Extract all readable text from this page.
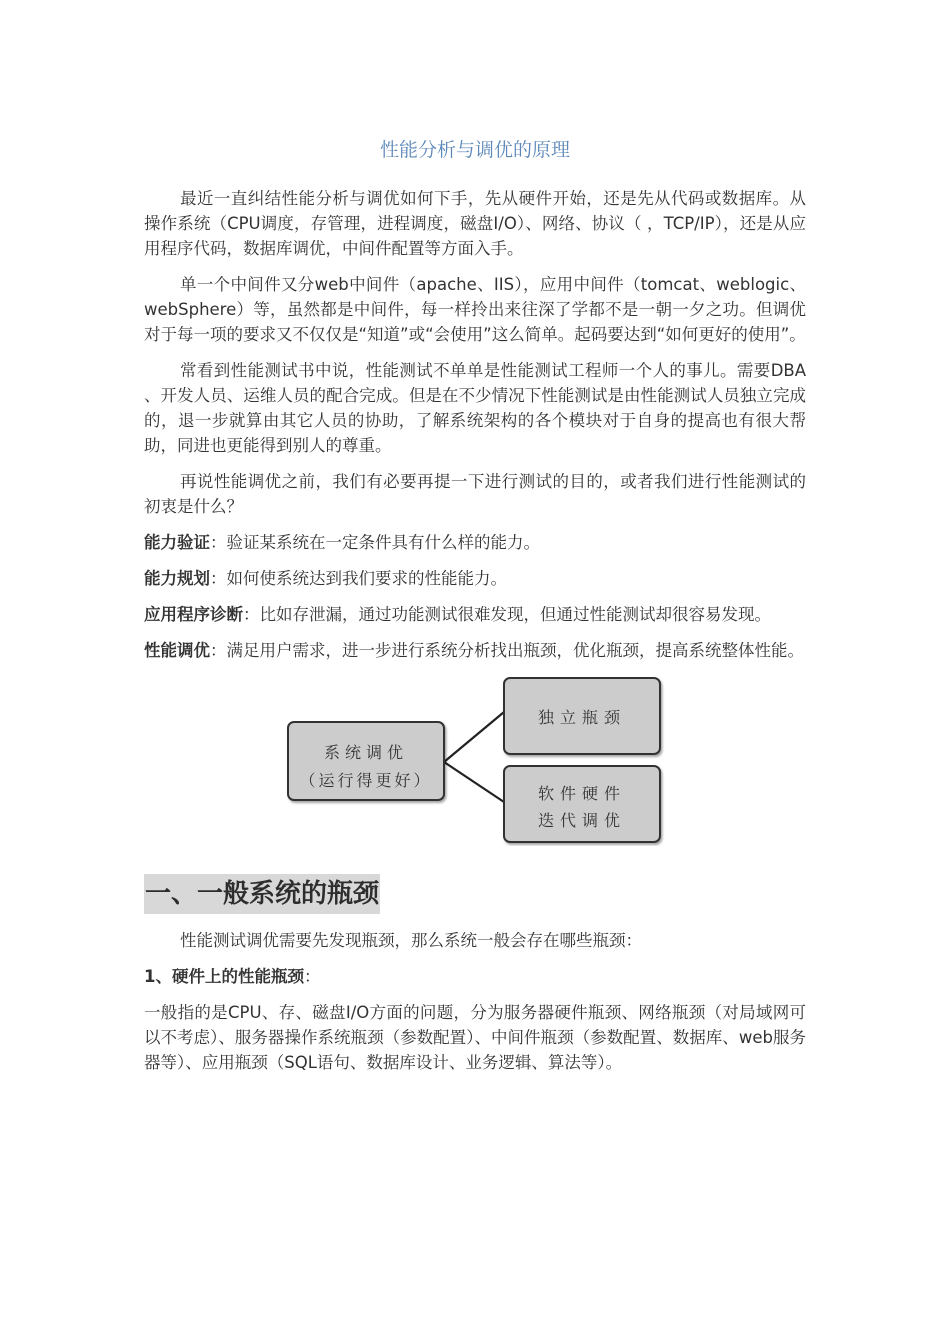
性能分析与调优的原理

最近一直纠结性能分析与调优如何下手，先从硬件开始，还是先从代码或数据库。从操作系统（CPU调度，存管理，进程调度，磁盘I/O）、网络、协议（ ，TCP/IP），还是从应用程序代码，数据库调优，中间件配置等方面入手。

单一个中间件又分web中间件（apache、IIS），应用中间件（tomcat、weblogic、webSphere）等，虽然都是中间件，每一样拎出来往深了学都不是一朝一夕之功。但调优对于每一项的要求又不仅仅是“知道”或“会使用”这么简单。起码要达到“如何更好的使用”。

常看到性能测试书中说，性能测试不单单是性能测试工程师一个人的事儿。需要DBA 、开发人员、运维人员的配合完成。但是在不少情况下性能测试是由性能测试人员独立完成的，退一步就算由其它人员的协助，了解系统架构的各个模块对于自身的提高也有很大帮助，同进也更能得到别人的尊重。

再说性能调优之前，我们有必要再提一下进行测试的目的，或者我们进行性能测试的初衷是什么？

能力验证：验证某系统在一定条件具有什么样的能力。

能力规划：如何使系统达到我们要求的性能能力。

应用程序诊断：比如存泄漏，通过功能测试很难发现，但通过性能测试却很容易发现。

性能调优：满足用户需求，进一步进行系统分析找出瓶颈，优化瓶颈，提高系统整体性能。

系统调优
（运行得更好）
独立瓶颈
软件硬件
迭代调优
一、一般系统的瓶颈

性能测试调优需要先发现瓶颈，那么系统一般会存在哪些瓶颈：

1、硬件上的性能瓶颈：

一般指的是CPU、存、磁盘I/O方面的问题，分为服务器硬件瓶颈、网络瓶颈（对局域网可以不考虑）、服务器操作系统瓶颈（参数配置）、中间件瓶颈（参数配置、数据库、web服务器等）、应用瓶颈（SQL语句、数据库设计、业务逻辑、算法等）。
